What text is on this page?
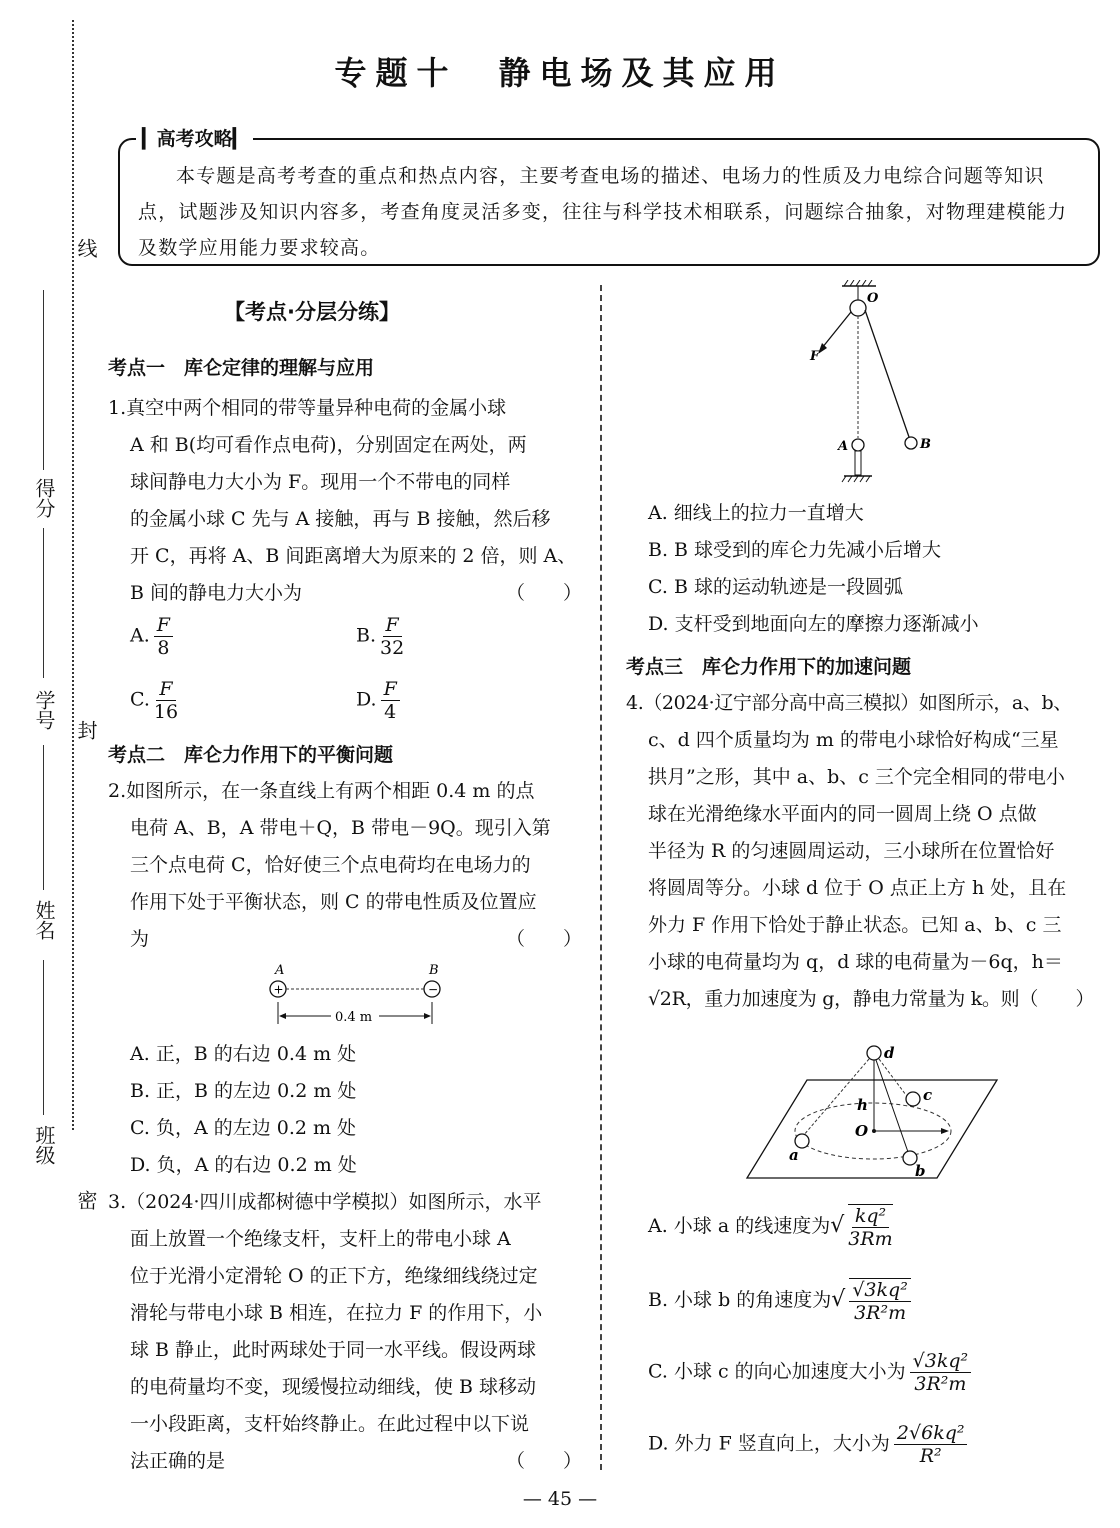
线
封
密
得分
学号
姓名
班级
专题十　静电场及其应用
▎高考攻略▎
本专题是高考考查的重点和热点内容，主要考查电场的描述、电场力的性质及力电综合问题等知识点，试题涉及知识内容多，考查角度灵活多变，往往与科学技术相联系，问题综合抽象，对物理建模能力及数学应用能力要求较高。
【考点·分层分练】
考点一　库仑定律的理解与应用
1.真空中两个相同的带等量异种电荷的金属小球
A 和 B(均可看作点电荷)，分别固定在两处，两
球间静电力大小为 F。现用一个不带电的同样
的金属小球 C 先与 A 接触，再与 B 接触，然后移
开 C，再将 A、B 间距离增大为原来的 2 倍，则 A、
B 间的静电力大小为	（　　）
A. $\frac{F}{8}$	B. $\frac{F}{32}$
C. $\frac{F}{16}$	D. $\frac{F}{4}$
考点二　库仑力作用下的平衡问题
2.如图所示，在一条直线上有两个相距 0.4 m 的点
电荷 A、B，A 带电＋Q，B 带电－9Q。现引入第
三个点电荷 C，恰好使三个点电荷均在电场力的
作用下处于平衡状态，则 C 的带电性质及位置应
为	（　　）
A	B
+	−
0.4 m
A. 正，B 的右边 0.4 m 处
B. 正，B 的左边 0.2 m 处
C. 负，A 的左边 0.2 m 处
D. 负，A 的右边 0.2 m 处
3.（2024·四川成都树德中学模拟）如图所示，水平
面上放置一个绝缘支杆，支杆上的带电小球 A
位于光滑小定滑轮 O 的正下方，绝缘细线绕过定
滑轮与带电小球 B 相连，在拉力 F 的作用下，小
球 B 静止，此时两球处于同一水平线。假设两球
的电荷量均不变，现缓慢拉动细线，使 B 球移动
一小段距离，支杆始终静止。在此过程中以下说
法正确的是	（　　）
O
F
A	B
A. 细线上的拉力一直增大
B. B 球受到的库仑力先减小后增大
C. B 球的运动轨迹是一段圆弧
D. 支杆受到地面向左的摩擦力逐渐减小
考点三　库仑力作用下的加速问题
4.（2024·辽宁部分高中高三模拟）如图所示，a、b、
c、d 四个质量均为 m 的带电小球恰好构成“三星
拱月”之形，其中 a、b、c 三个完全相同的带电小
球在光滑绝缘水平面内的同一圆周上绕 O 点做
半径为 R 的匀速圆周运动，三小球所在位置恰好
将圆周等分。小球 d 位于 O 点正上方 h 处，且在
外力 F 作用下恰处于静止状态。已知 a、b、c 三
小球的电荷量均为 q，d 球的电荷量为－6q，h＝
√2R，重力加速度为 g，静电力常量为 k。则（　　）
d
h
O
c
a
b
A. 小球 a 的线速度为√ $\frac{\text{kq²}}{3Rm}$
B. 小球 b 的角速度为√ $\frac{\text{√3kq²}}{\text{3R²m}}$
C. 小球 c 的向心加速度大小为 $\frac{\text{√3kq²}}{\text{3R²m}}$
D. 外力 F 竖直向上，大小为 $\frac{\text{2√6kq²}}{\text{R²}}$
— 45 —
